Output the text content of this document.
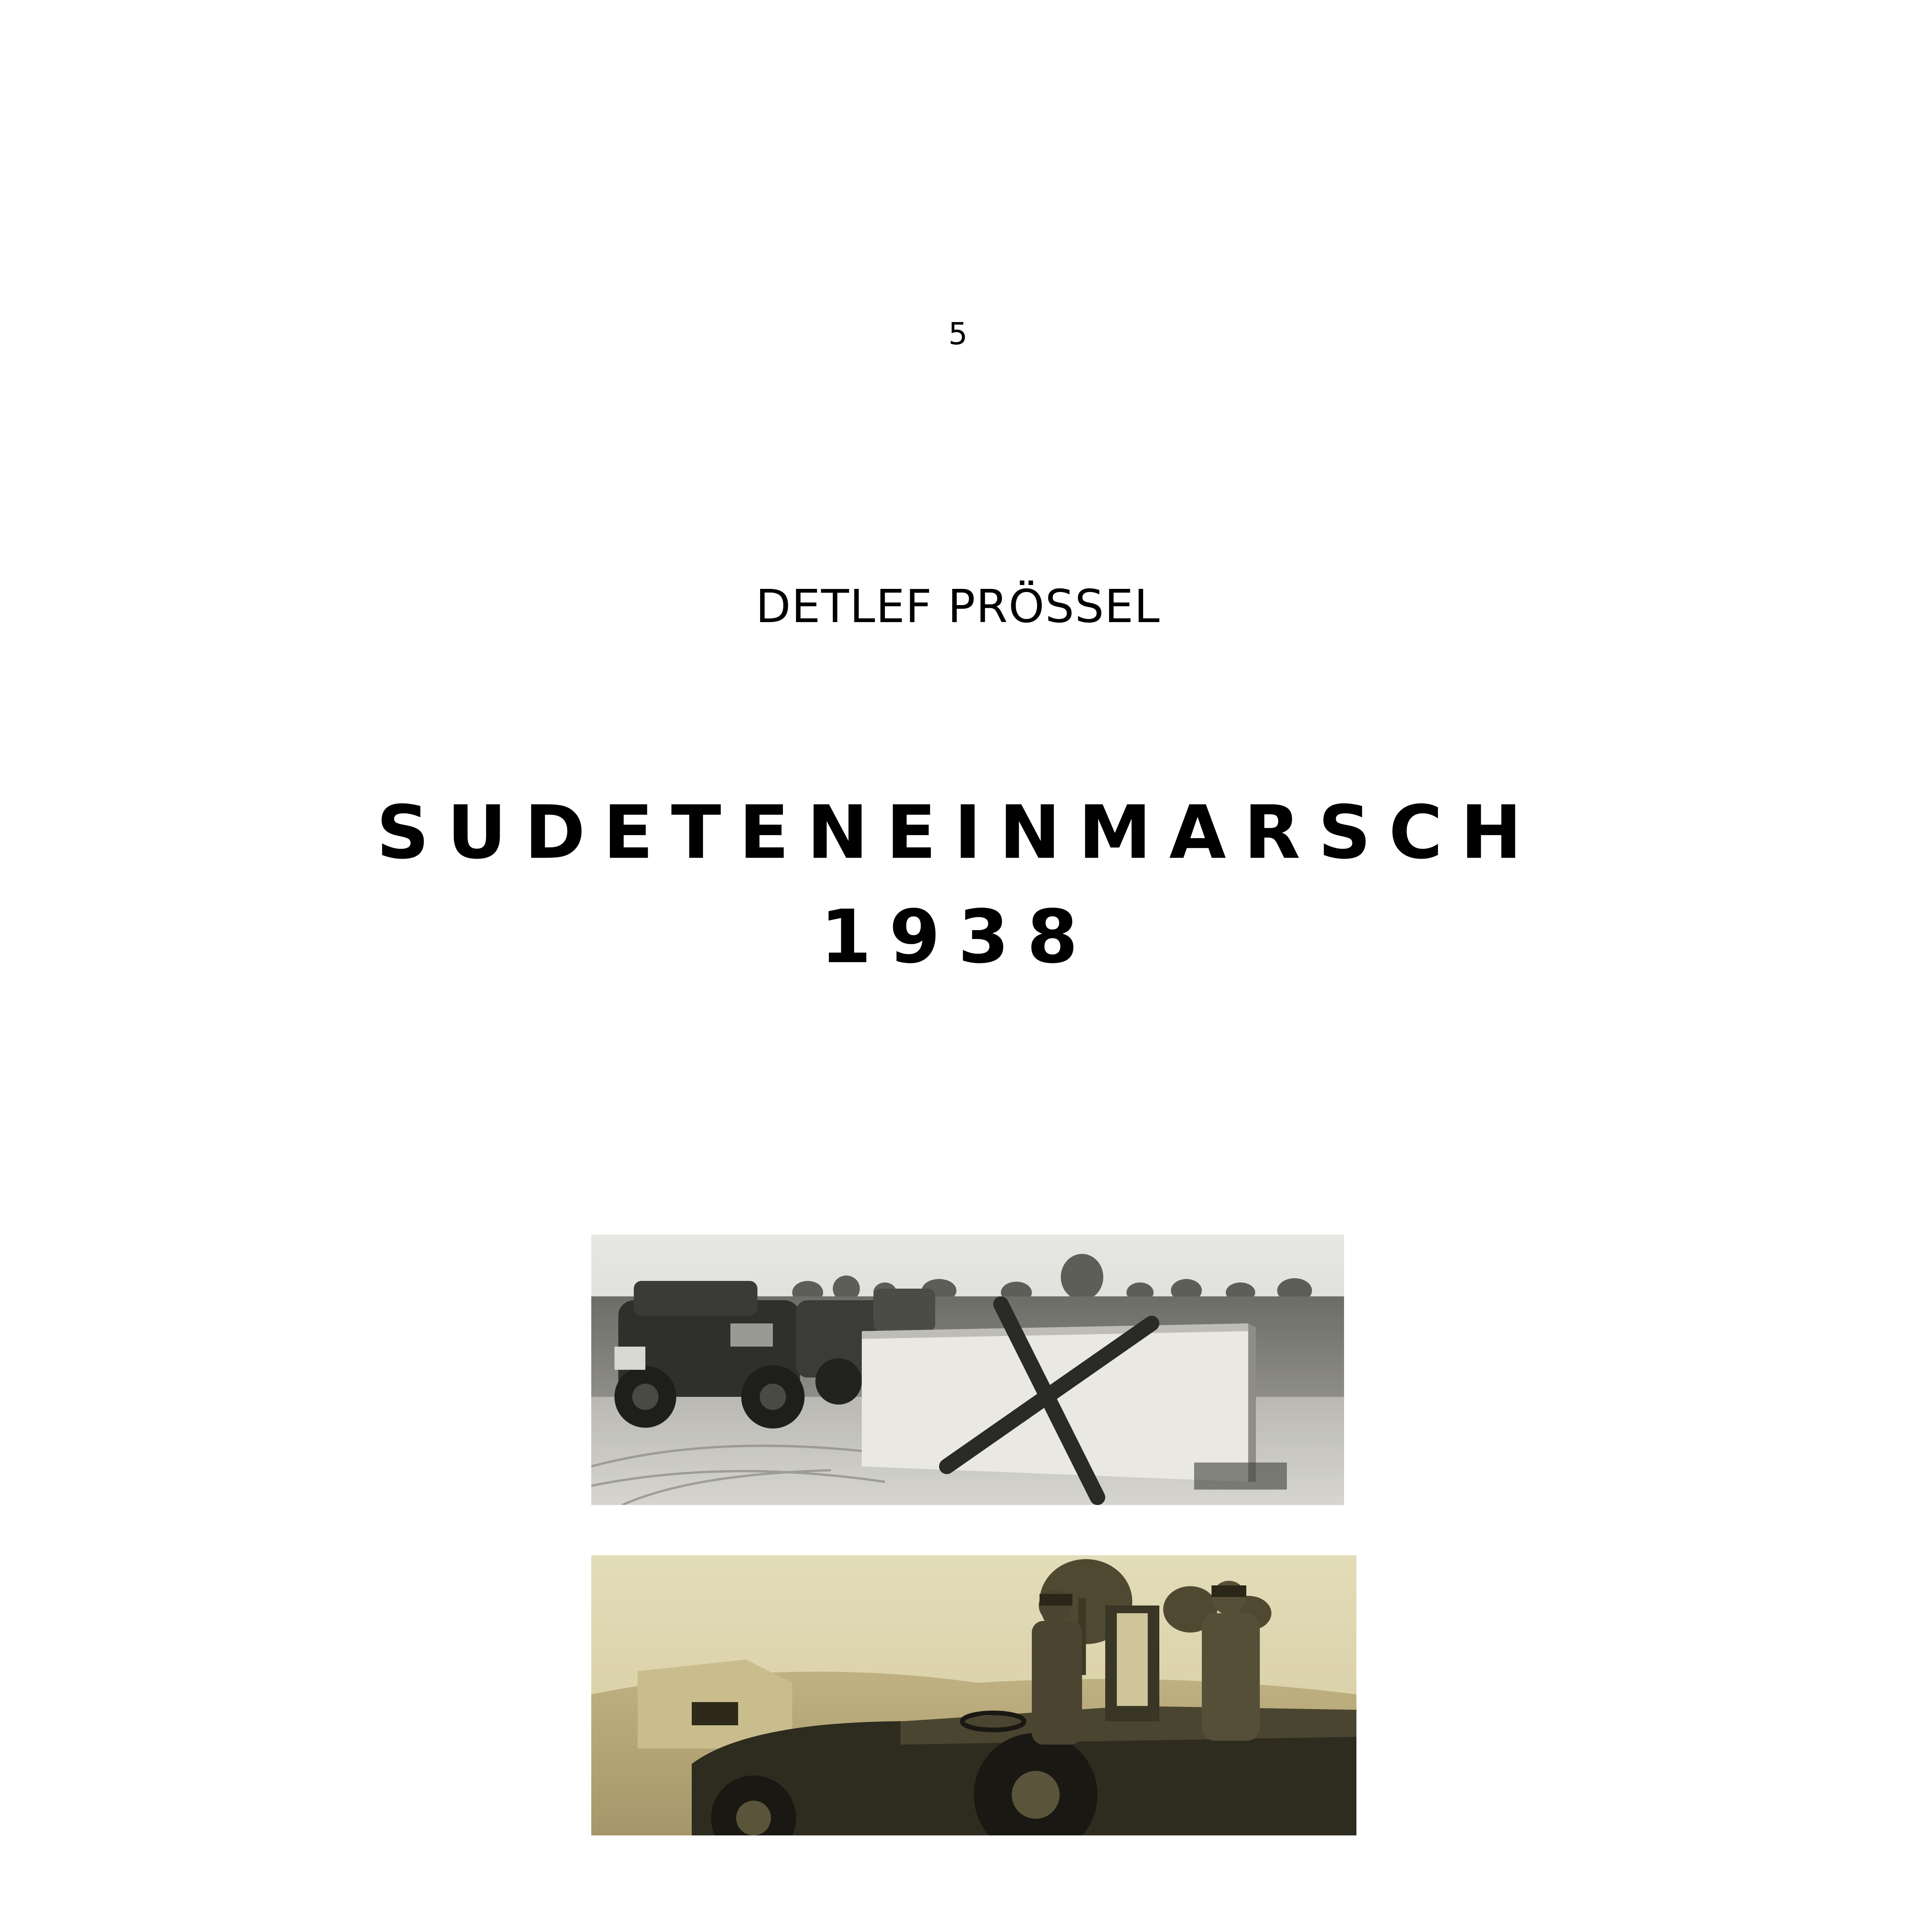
5
DETLEF PRÖSSEL
SUDETENEINMARSCH
1938
